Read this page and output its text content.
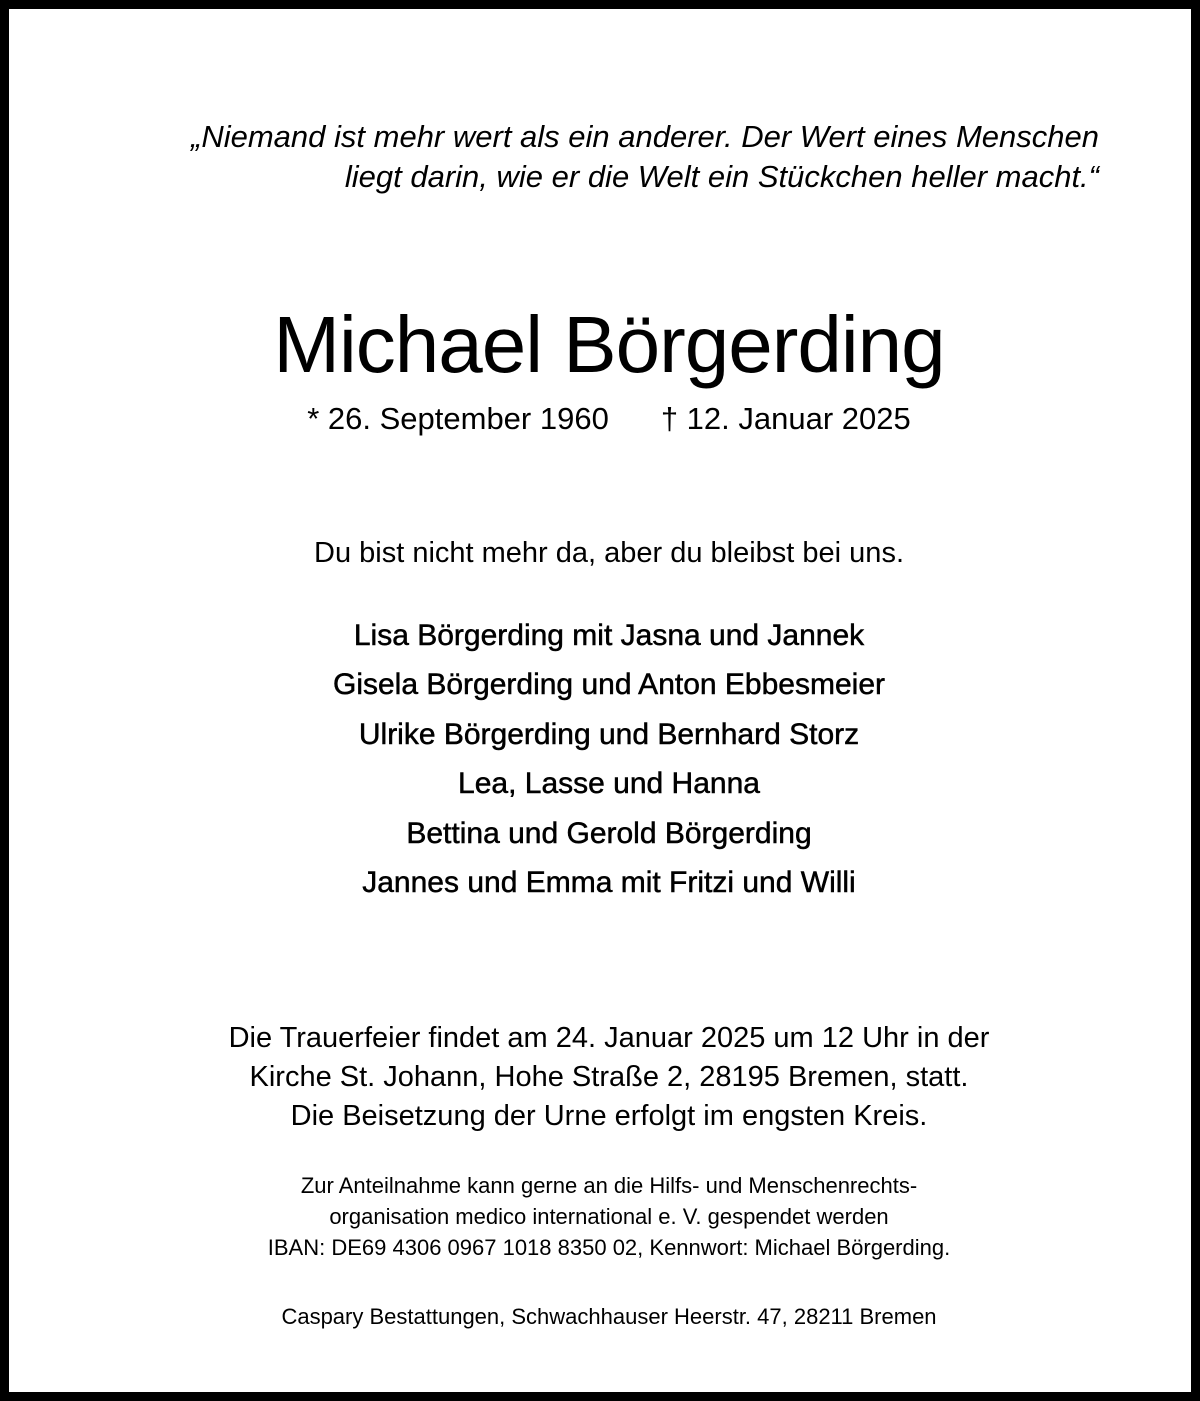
„Niemand ist mehr wert als ein anderer. Der Wert eines Menschen
liegt darin, wie er die Welt ein Stückchen heller macht.“
Michael Börgerding
* 26. September 1960 † 12. Januar 2025
Du bist nicht mehr da, aber du bleibst bei uns.
Lisa Börgerding mit Jasna und Jannek
Gisela Börgerding und Anton Ebbesmeier
Ulrike Börgerding und Bernhard Storz
Lea, Lasse und Hanna
Bettina und Gerold Börgerding
Jannes und Emma mit Fritzi und Willi
Die Trauerfeier findet am 24. Januar 2025 um 12 Uhr in der
Kirche St. Johann, Hohe Straße 2, 28195 Bremen, statt.
Die Beisetzung der Urne erfolgt im engsten Kreis.
Zur Anteilnahme kann gerne an die Hilfs- und Menschenrechts-
organisation medico international e. V. gespendet werden
IBAN: DE69 4306 0967 1018 8350 02, Kennwort: Michael Börgerding.
Caspary Bestattungen, Schwachhauser Heerstr. 47, 28211 Bremen
